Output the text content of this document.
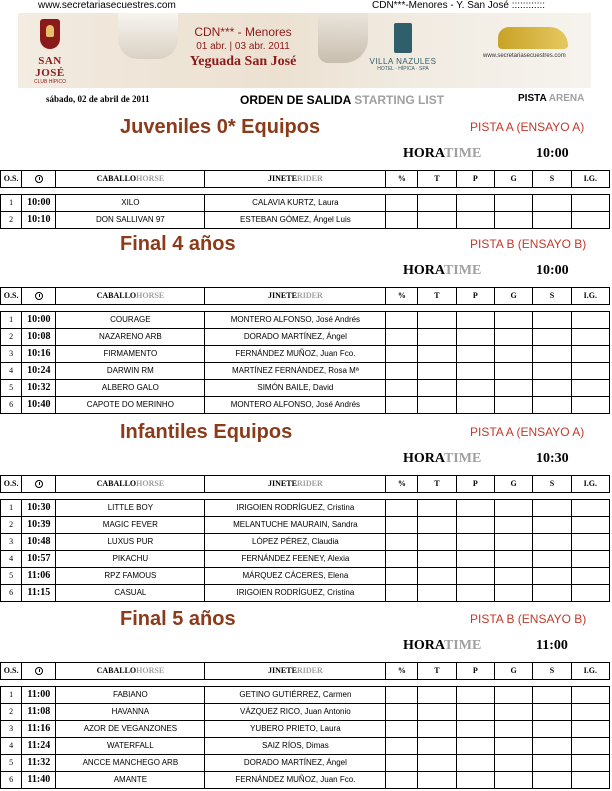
www.secretariasecuestres.com	CDN***-Menores - Y. San José ::::::::::::
SAN JOSÉ
CLUB HÍPICO
CDN*** - Menores
01 abr. | 03 abr. 2011
Yeguada San José	VILLA NAZULES
HOTEL · HÍPICA · SPA
www.secretariasecuestres.com
sábado, 02 de abril de 2011	ORDEN DE SALIDA STARTING LIST	PISTA ARENA
Juveniles 0* Equipos	PISTA A (ENSAYO A)
HORATIME	10:00
O.S.		CABALLOHORSE	JINETERIDER	%	T	P	G	S	I.G.

1	10:00	XILO	CALAVIA KURTZ, Laura						
2	10:10	DON SALLIVAN 97	ESTEBAN GÓMEZ, Ángel Luis						
Final 4 años	PISTA B (ENSAYO B)
HORATIME	10:00
O.S.		CABALLOHORSE	JINETERIDER	%	T	P	G	S	I.G.

1	10:00	COURAGE	MONTERO ALFONSO, José Andrés						
2	10:08	NAZARENO ARB	DORADO MARTÍNEZ, Ángel						
3	10:16	FIRMAMENTO	FERNÁNDEZ MUÑOZ, Juan Fco.						
4	10:24	DARWIN RM	MARTÍNEZ FERNÁNDEZ, Rosa Mª						
5	10:32	ALBERO GALO	SIMÓN BAILE, David						
6	10:40	CAPOTE DO MERINHO	MONTERO ALFONSO, José Andrés						
Infantiles Equipos	PISTA A (ENSAYO A)
HORATIME	10:30
O.S.		CABALLOHORSE	JINETERIDER	%	T	P	G	S	I.G.

1	10:30	LITTLE BOY	IRIGOIEN RODRÍGUEZ, Cristina						
2	10:39	MAGIC FEVER	MELANTUCHE MAURAIN, Sandra						
3	10:48	LUXUS PUR	LÓPEZ PÉREZ, Claudia						
4	10:57	PIKACHU	FERNÁNDEZ FEENEY, Alexia						
5	11:06	RPZ FAMOUS	MÁRQUEZ CÁCERES, Elena						
6	11:15	CASUAL	IRIGOIEN RODRÍGUEZ, Cristina						
Final 5 años	PISTA B (ENSAYO B)
HORATIME	11:00
O.S.		CABALLOHORSE	JINETERIDER	%	T	P	G	S	I.G.

1	11:00	FABIANO	GETINO GUTIÉRREZ, Carmen						
2	11:08	HAVANNA	VÁZQUEZ RICO, Juan Antonio						
3	11:16	AZOR DE VEGANZONES	YUBERO PRIETO, Laura						
4	11:24	WATERFALL	SAIZ RÍOS, Dimas						
5	11:32	ANCCE MANCHEGO ARB	DORADO MARTÍNEZ, Ángel						
6	11:40	AMANTE	FERNÁNDEZ MUÑOZ, Juan Fco.						
